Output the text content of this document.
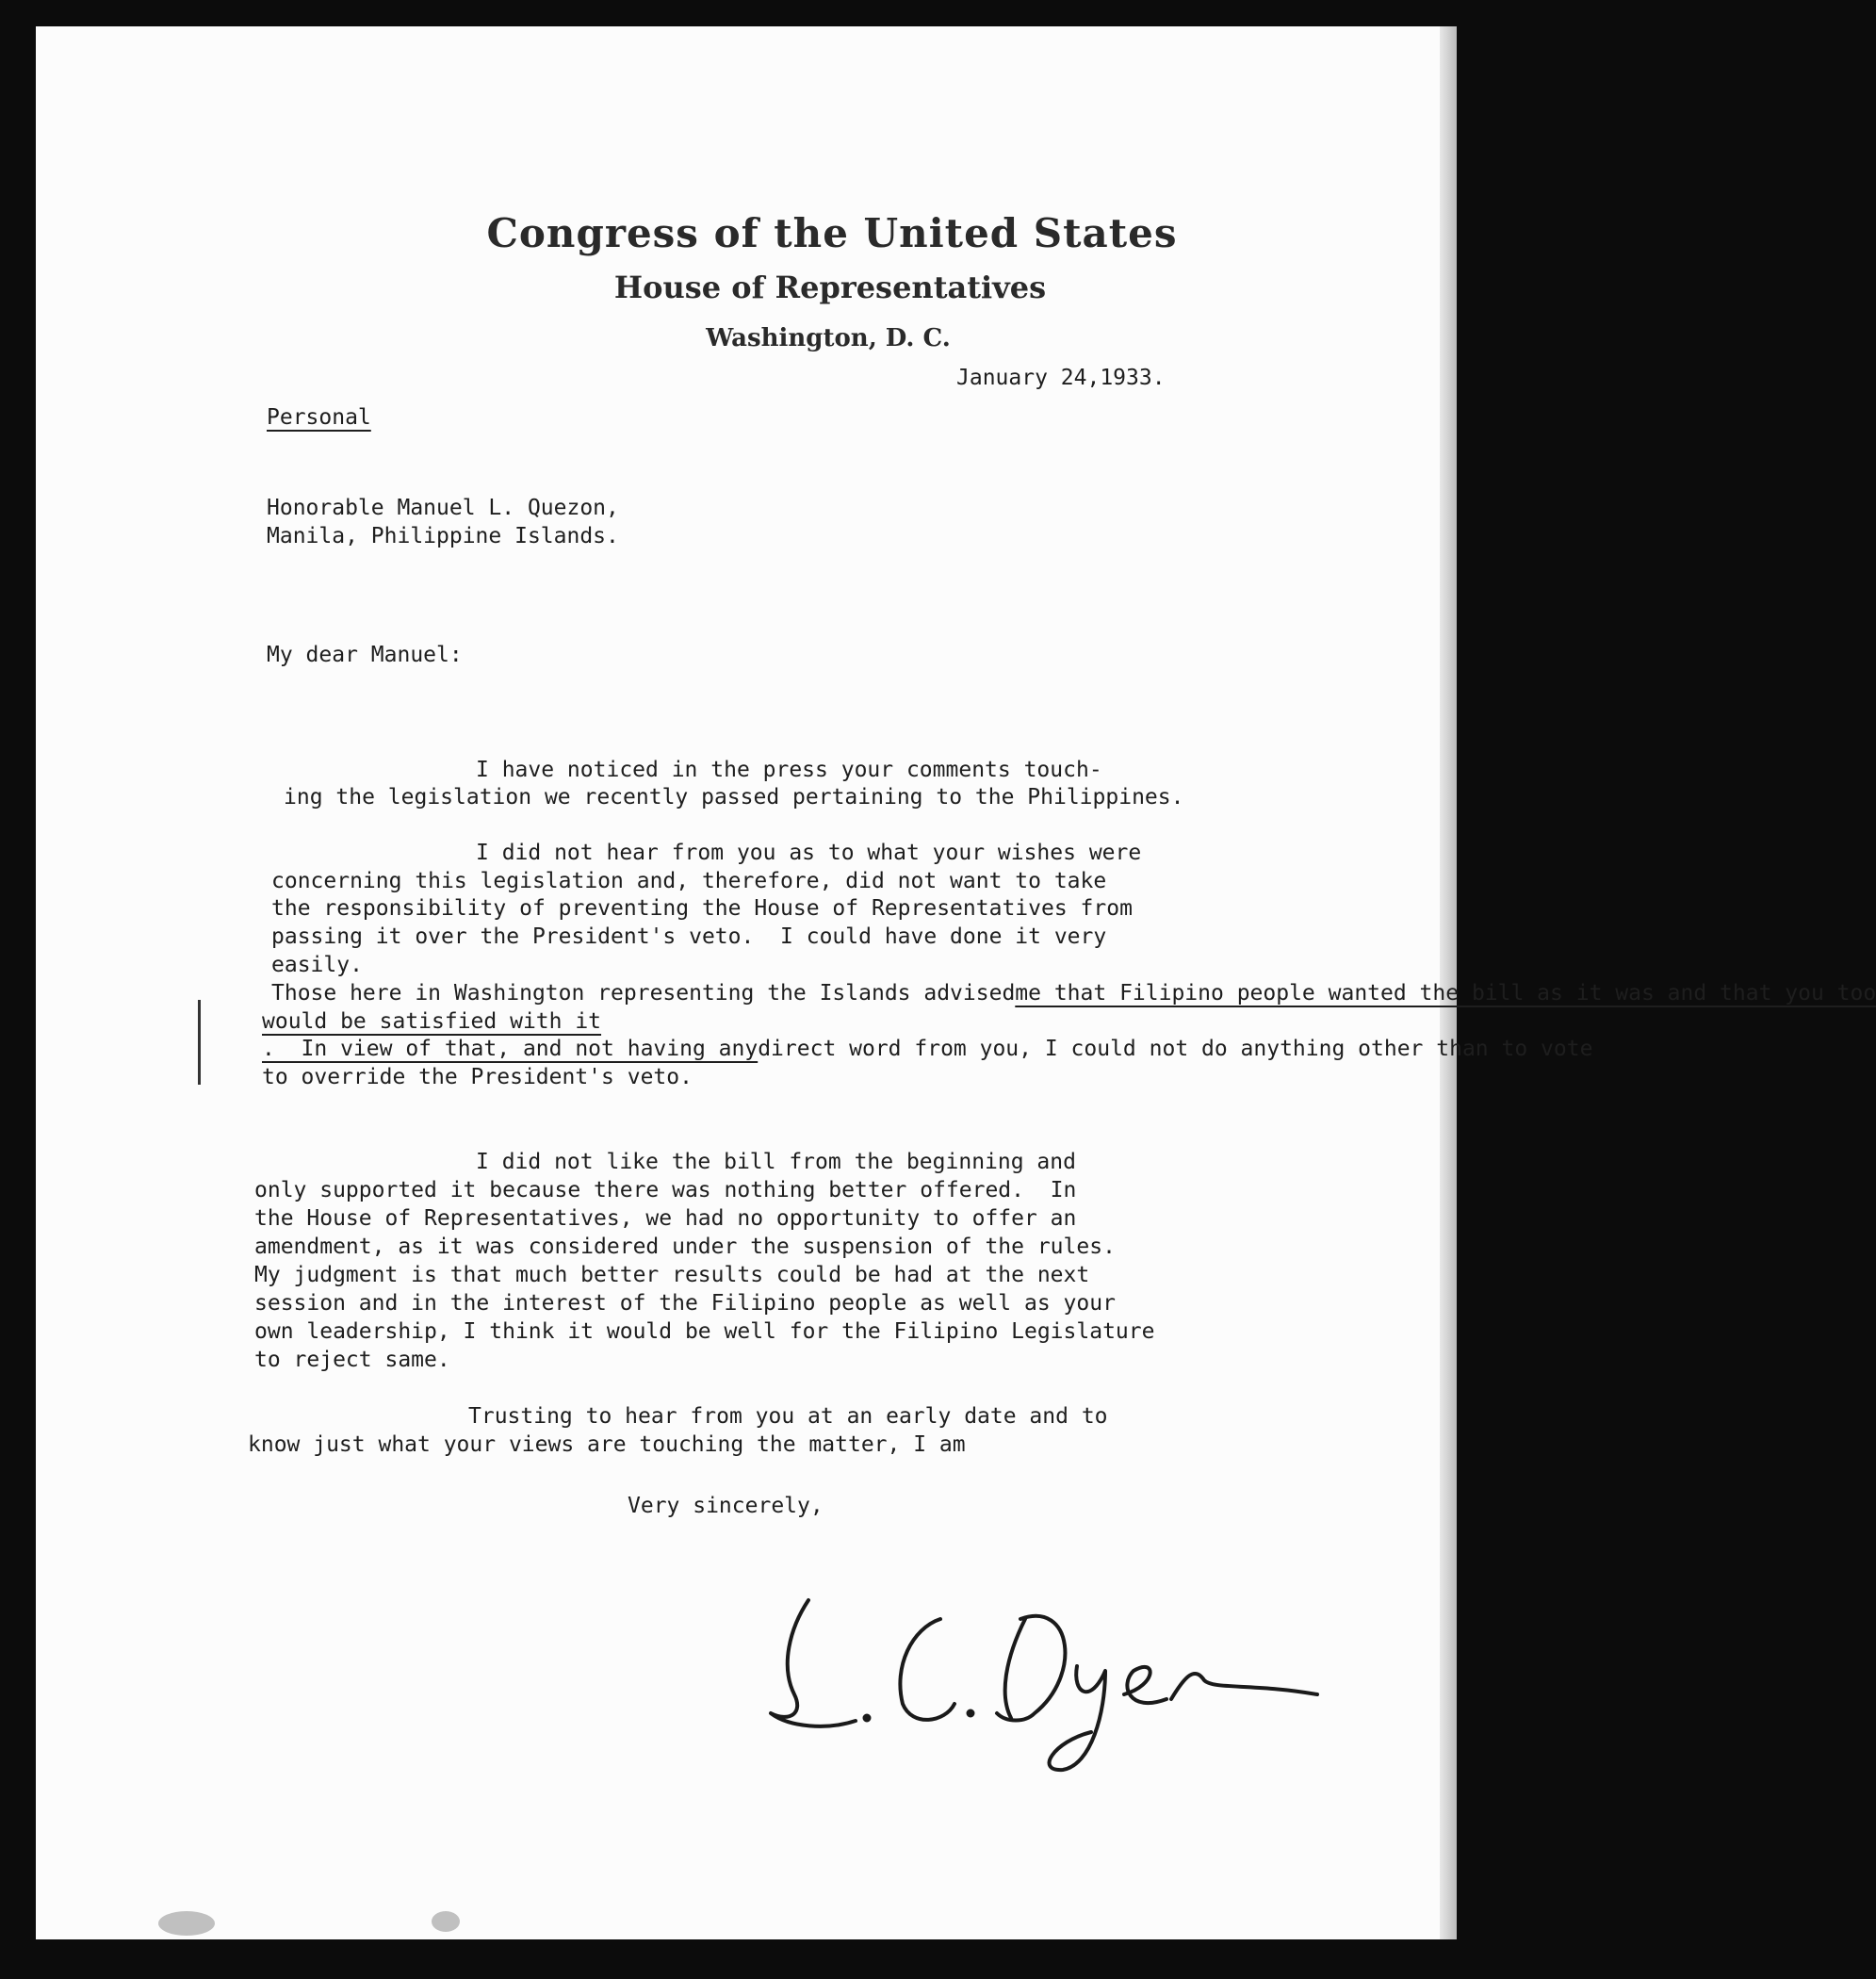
Congress of the United States
House of Representatives
Washington, D. C.
January 24,1933.
Personal
Honorable Manuel L. Quezon,
Manila, Philippine Islands.
My dear Manuel:
I have noticed in the press your comments touch-
ing the legislation we recently passed pertaining to the Philippines.
I did not hear from you as to what your wishes were
concerning this legislation and, therefore, did not want to take
the responsibility of preventing the House of Representatives from
passing it over the President's veto.  I could have done it very
easily.
Those here in Washington representing the Islands advisedme that Filipino people wanted the bill as it was and that you too
would be satisfied with it
.  In view of that, and not having anydirect word from you, I could not do anything other than to vote
to override the President's veto.
I did not like the bill from the beginning and
only supported it because there was nothing better offered.  In
the House of Representatives, we had no opportunity to offer an
amendment, as it was considered under the suspension of the rules.
My judgment is that much better results could be had at the next
session and in the interest of the Filipino people as well as your
own leadership, I think it would be well for the Filipino Legislature
to reject same.
Trusting to hear from you at an early date and to
know just what your views are touching the matter, I am
Very sincerely,
